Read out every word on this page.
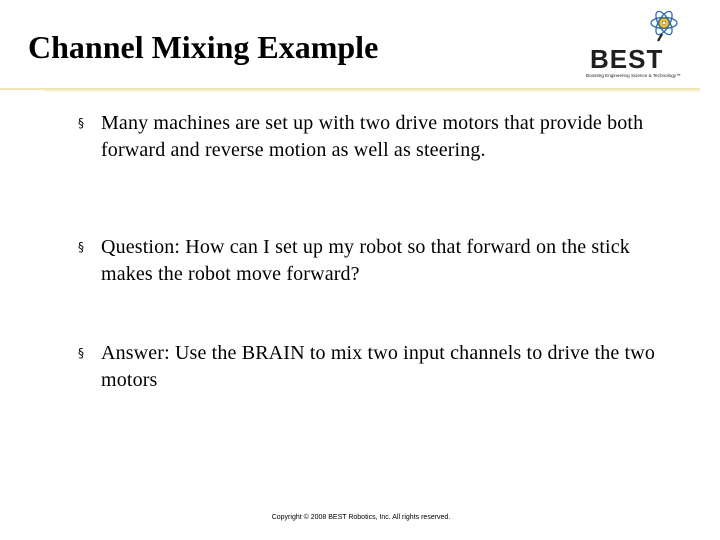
Channel Mixing Example	BEST
Boosting Engineering Science & Technology™
§ Many machines are set up with two drive motors that provide both forward and reverse motion as well as steering.
§ Question: How can I set up my robot so that forward on the stick makes the robot move forward?
§ Answer: Use the BRAIN to mix two input channels to drive the two motors
Copyright © 2008 BEST Robotics, Inc. All rights reserved.
